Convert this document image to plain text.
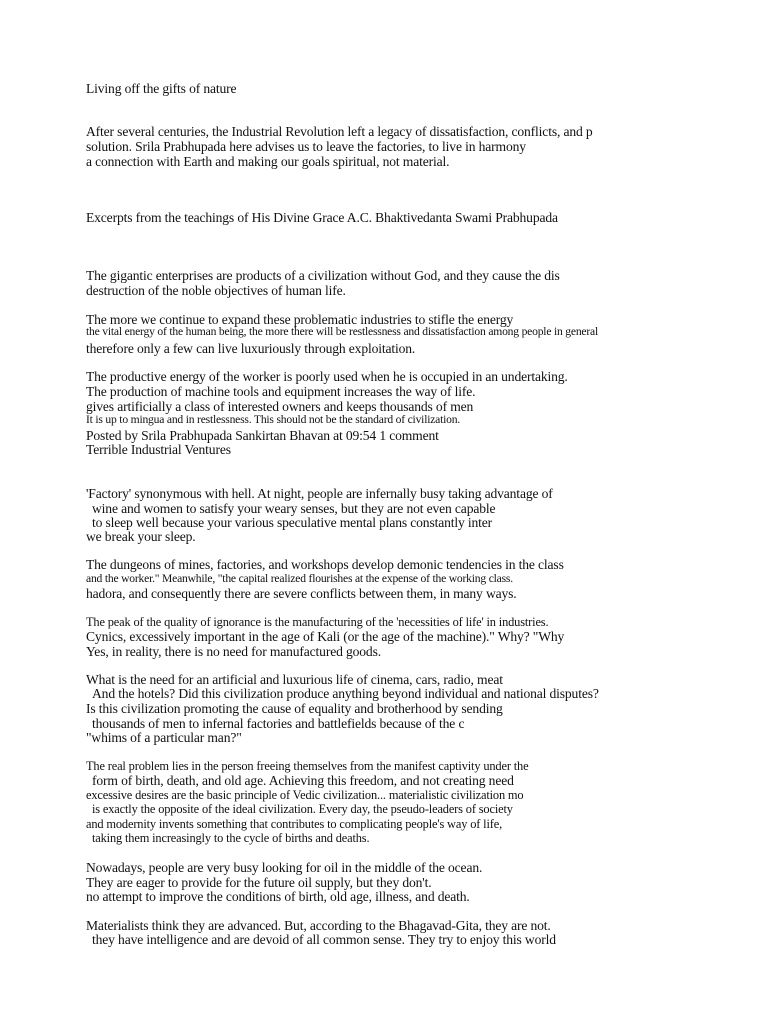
Living off the gifts of nature
After several centuries, the Industrial Revolution left a legacy of dissatisfaction, conflicts, and p
solution. Srila Prabhupada here advises us to leave the factories, to live in harmony
a connection with Earth and making our goals spiritual, not material.
Excerpts from the teachings of His Divine Grace A.C. Bhaktivedanta Swami Prabhupada
The gigantic enterprises are products of a civilization without God, and they cause the dis
destruction of the noble objectives of human life.
The more we continue to expand these problematic industries to stifle the energy
the vital energy of the human being, the more there will be restlessness and dissatisfaction among people in general
therefore only a few can live luxuriously through exploitation.
The productive energy of the worker is poorly used when he is occupied in an undertaking.
The production of machine tools and equipment increases the way of life.
gives artificially a class of interested owners and keeps thousands of men
It is up to mingua and in restlessness. This should not be the standard of civilization.
Posted by Srila Prabhupada Sankirtan Bhavan at 09:54 1 comment
Terrible Industrial Ventures
'Factory' synonymous with hell. At night, people are infernally busy taking advantage of
wine and women to satisfy your weary senses, but they are not even capable
to sleep well because your various speculative mental plans constantly inter
we break your sleep.
The dungeons of mines, factories, and workshops develop demonic tendencies in the class
and the worker." Meanwhile, "the capital realized flourishes at the expense of the working class.
hadora, and consequently there are severe conflicts between them, in many ways.
The peak of the quality of ignorance is the manufacturing of the 'necessities of life' in industries.
Cynics, excessively important in the age of Kali (or the age of the machine)." Why? "Why
Yes, in reality, there is no need for manufactured goods.
What is the need for an artificial and luxurious life of cinema, cars, radio, meat
And the hotels? Did this civilization produce anything beyond individual and national disputes?
Is this civilization promoting the cause of equality and brotherhood by sending
thousands of men to infernal factories and battlefields because of the c
"whims of a particular man?"
The real problem lies in the person freeing themselves from the manifest captivity under the
form of birth, death, and old age. Achieving this freedom, and not creating need
excessive desires are the basic principle of Vedic civilization... materialistic civilization mo
is exactly the opposite of the ideal civilization. Every day, the pseudo-leaders of society
and modernity invents something that contributes to complicating people's way of life,
taking them increasingly to the cycle of births and deaths.
Nowadays, people are very busy looking for oil in the middle of the ocean.
They are eager to provide for the future oil supply, but they don't.
no attempt to improve the conditions of birth, old age, illness, and death.
Materialists think they are advanced. But, according to the Bhagavad-Gita, they are not.
they have intelligence and are devoid of all common sense. They try to enjoy this world
